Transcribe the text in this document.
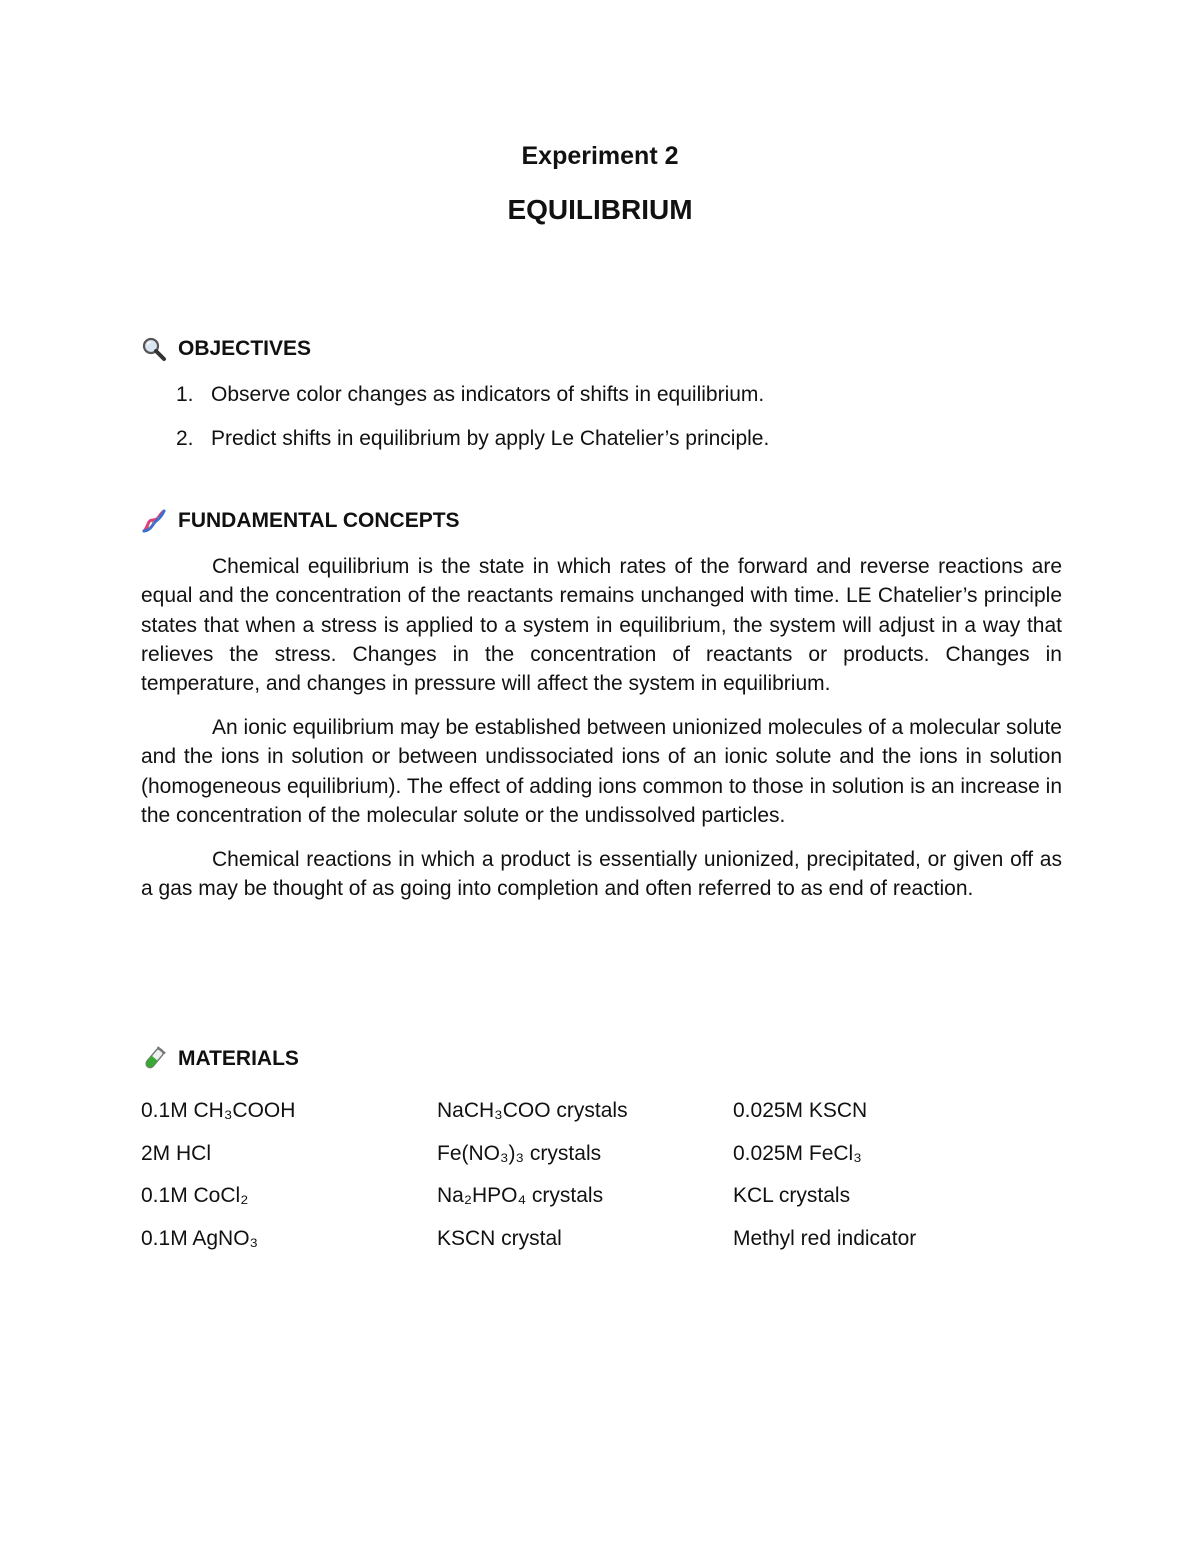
Experiment 2
EQUILIBRIUM
OBJECTIVES
1. Observe color changes as indicators of shifts in equilibrium.
2. Predict shifts in equilibrium by apply Le Chatelier’s principle.
FUNDAMENTAL CONCEPTS

Chemical equilibrium is the state in which rates of the forward and reverse reactions are equal and the concentration of the reactants remains unchanged with time. LE Chatelier’s principle states that when a stress is applied to a system in equilibrium, the system will adjust in a way that relieves the stress. Changes in the concentration of reactants or products. Changes in temperature, and changes in pressure will affect the system in equilibrium.

An ionic equilibrium may be established between unionized molecules of a molecular solute and the ions in solution or between undissociated ions of an ionic solute and the ions in solution (homogeneous equilibrium). The effect of adding ions common to those in solution is an increase in the concentration of the molecular solute or the undissolved particles.

Chemical reactions in which a product is essentially unionized, precipitated, or given off as a gas may be thought of as going into completion and often referred to as end of reaction.

MATERIALS
0.1M CH₃COOH	NaCH₃COO crystals	0.025M KSCN
2M HCl	Fe(NO₃)₃ crystals	0.025M FeCl₃
0.1M CoCl₂	Na₂HPO₄ crystals	KCL crystals
0.1M AgNO₃	KSCN crystal	Methyl red indicator
